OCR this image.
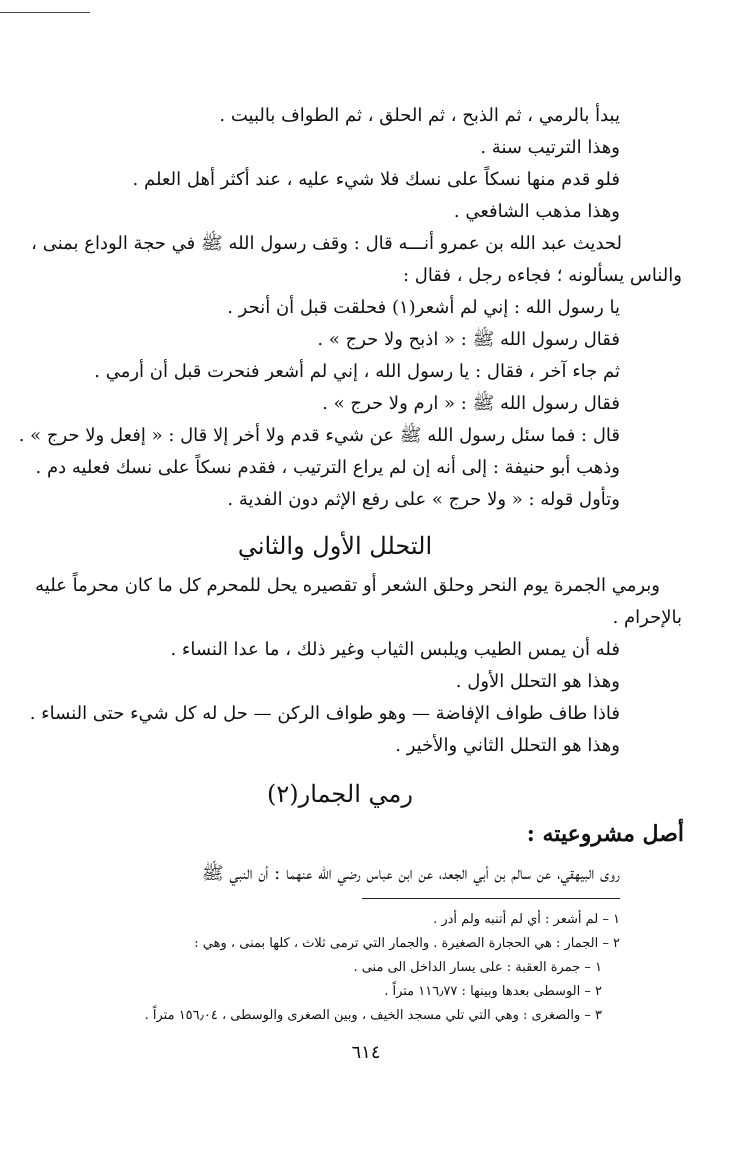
يبدأ بالرمي ، ثم الذبح ، ثم الحلق ، ثم الطواف بالبيت .
وهذا الترتيب سنة .
فلو قدم منها نسكاً على نسك فلا شيء عليه ، عند أكثر أهل العلم .
وهذا مذهب الشافعي .
لحديث عبد الله بن عمرو أنـــه قال : وقف رسول الله ﷺ في حجة الوداع بمنى ،
والناس يسألونه ؛ فجاءه رجل ، فقال :
يا رسول الله : إني لم أشعر(١) فحلقت قبل أن أنحر .
فقال رسول الله ﷺ : « اذبح ولا حرج » .
ثم جاء آخر ، فقال : يا رسول الله ، إني لم أشعر فنحرت قبل أن أرمي .
فقال رسول الله ﷺ : « ارم ولا حرج » .
قال : فما سئل رسول الله ﷺ عن شيء قدم ولا أخر إلا قال : « إفعل ولا حرج » .
وذهب أبو حنيفة : إلى أنه إن لم يراع الترتيب ، فقدم نسكاً على نسك فعليه دم .
وتأول قوله : « ولا حرج » على رفع الإثم دون الفدية .
التحلل الأول والثاني
وبرمي الجمرة يوم النحر وحلق الشعر أو تقصيره يحل للمحرم كل ما كان محرماً عليه
بالإحرام .
فله أن يمس الطيب ويلبس الثياب وغير ذلك ، ما عدا النساء .
وهذا هو التحلل الأول .
فاذا طاف طواف الإفاضة — وهو طواف الركن — حل له كل شيء حتى النساء .
وهذا هو التحلل الثاني والأخير .
رمي الجمار(٢)
أصل مشروعيته :
روى البيهقي، عن سالم بن أبي الجعد، عن ابن عباس رضي الله عنهما : أن النبي ﷺ
١ – لم أشعر : أي لم أتنبه ولم أدر .
٢ – الجمار : هي الحجارة الصغيرة . والجمار التي ترمى ثلاث ، كلها بمنى ، وهي :
١ – جمرة العقبة : على يسار الداخل الى منى .
٢ – الوسطى بعدها وبينها : ١١٦٫٧٧ متراً .
٣ – والصغرى : وهي التي تلي مسجد الخيف ، وبين الصغرى والوسطى ، ١٥٦٫٠٤ متراً .
٦١٤
